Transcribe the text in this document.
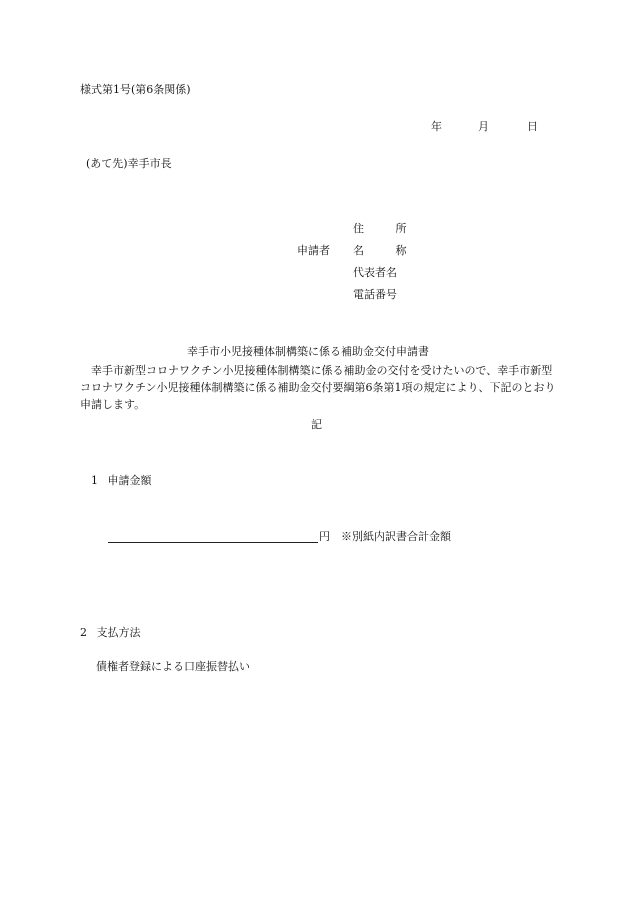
様式第1号(第6条関係)
年	月	日
(あて先)幸手市長
申請者
住 所
名 称
代表者名
電話番号
幸手市小児接種体制構築に係る補助金交付申請書
幸手市新型コロナワクチン小児接種体制構築に係る補助金の交付を受けたいので、幸手市新型コロナワクチン小児接種体制構築に係る補助金交付要綱第6条第1項の規定により、下記のとおり申請します。
記
1 申請金額
円 ※別紙内訳書合計金額
2 支払方法
債権者登録による口座振替払い
